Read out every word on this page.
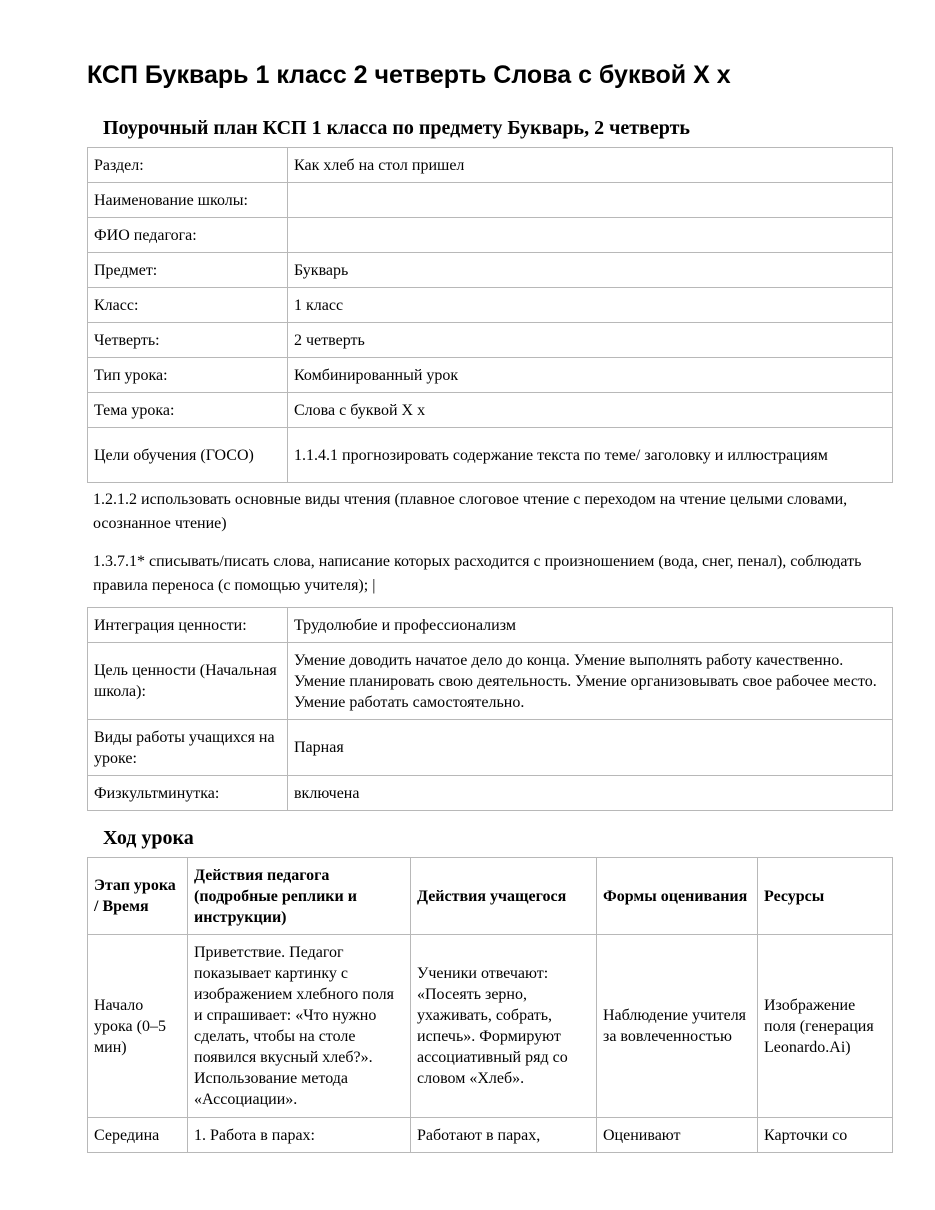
КСП Букварь 1 класс 2 четверть Слова с буквой Х х
Поурочный план КСП 1 класса по предмету Букварь, 2 четверть
Раздел:	Как хлеб на стол пришел
Наименование школы:	
ФИО педагога:	
Предмет:	Букварь
Класс:	1 класс
Четверть:	2 четверть
Тип урока:	Комбинированный урок
Тема урока:	Слова с буквой Х х
Цели обучения (ГОСО)	1.1.4.1 прогнозировать содержание текста по теме/ заголовку и иллюстрациям

1.2.1.2 использовать основные виды чтения (плавное слоговое чтение с переходом на чтение целыми словами, осознанное чтение)

1.3.7.1* списывать/писать слова, написание которых расходится с произношением (вода, снег, пенал), соблюдать правила переноса (с помощью учителя); |

Интеграция ценности:	Трудолюбие и профессионализм
Цель ценности (Начальная школа):	Умение доводить начатое дело до конца. Умение выполнять работу качественно. Умение планировать свою деятельность. Умение организовывать свое рабочее место. Умение работать самостоятельно.
Виды работы учащихся на уроке:	Парная
Физкультминутка:	включена
Ход урока
Этап урока / Время	Действия педагога (подробные реплики и инструкции)	Действия учащегося	Формы оценивания	Ресурсы
Начало урока (0–5 мин)	Приветствие. Педагог показывает картинку с изображением хлебного поля и спрашивает: «Что нужно сделать, чтобы на столе появился вкусный хлеб?». Использование метода «Ассоциации».	Ученики отвечают: «Посеять зерно, ухаживать, собрать, испечь». Формируют ассоциативный ряд со словом «Хлеб».	Наблюдение учителя за вовлеченностью	Изображение поля (генерация Leonardo.Ai)
Середина	1. Работа в парах:	Работают в парах,	Оценивают	Карточки со
